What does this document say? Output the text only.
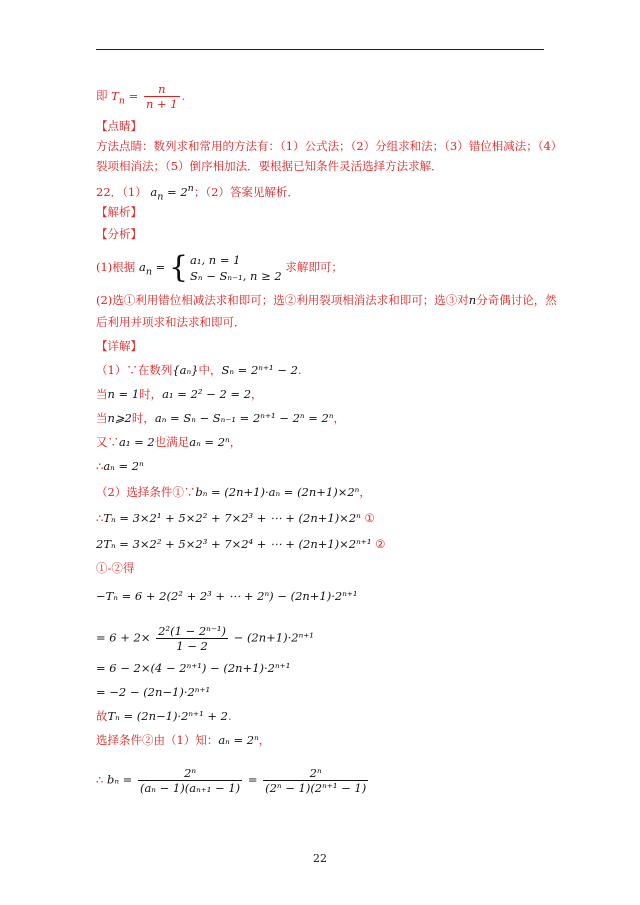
即 $T_n = \frac{n}{n + 1}$ .
【点睛】
方法点睛：数列求和常用的方法有：（1）公式法；（2）分组求和法；（3）错位相减法；（4）
裂项相消法；（5）倒序相加法．要根据已知条件灵活选择方法求解．
22．（1） $a_n = 2^n$；（2）答案见解析．
【解析】
【分析】
(1)根据 $a_n$ = { a₁, n = 1
Sₙ − Sₙ₋₁, n ≥ 2
求解即可；
(2)选①利用错位相减法求和即可；选②利用裂项相消法求和即可；选③对n分奇偶讨论，然
后利用并项求和法求和即可．
【详解】
（1）∵在数列{aₙ}中，Sₙ = 2ⁿ⁺¹ − 2.
当n = 1时，a₁ = 2² − 2 = 2，
当n⩾2时，aₙ = Sₙ − Sₙ₋₁ = 2ⁿ⁺¹ − 2ⁿ = 2ⁿ，
又∵a₁ = 2也满足aₙ = 2ⁿ，
∴aₙ = 2ⁿ
（2）选择条件①∵bₙ = (2n+1)·aₙ = (2n+1)×2ⁿ，
∴Tₙ = 3×2¹ + 5×2² + 7×2³ + ⋯ + (2n+1)×2ⁿ ①
2Tₙ = 3×2² + 5×2³ + 7×2⁴ + ⋯ + (2n+1)×2ⁿ⁺¹ ②
①-②得
−Tₙ = 6 + 2(2² + 2³ + ⋯ + 2ⁿ) − (2n+1)·2ⁿ⁺¹
= $6 + 2\times \frac{\text{2²(1 − 2ⁿ⁻¹)}}{1 - 2} - (2n+1)\cdot 2^{n+1}$
= 6 − 2×(4 − 2ⁿ⁺¹) − (2n+1)·2ⁿ⁺¹
= −2 − (2n−1)·2ⁿ⁺¹
故Tₙ = (2n−1)·2ⁿ⁺¹ + 2.
选择条件②由（1）知：aₙ = 2ⁿ，
∴ $b_n = \frac{\text{2ⁿ}}{\text{(aₙ − 1)(aₙ₊₁ − 1)}} = \frac{\text{2ⁿ}}{\text{(2ⁿ − 1)(2ⁿ⁺¹ − 1)}}$
22
